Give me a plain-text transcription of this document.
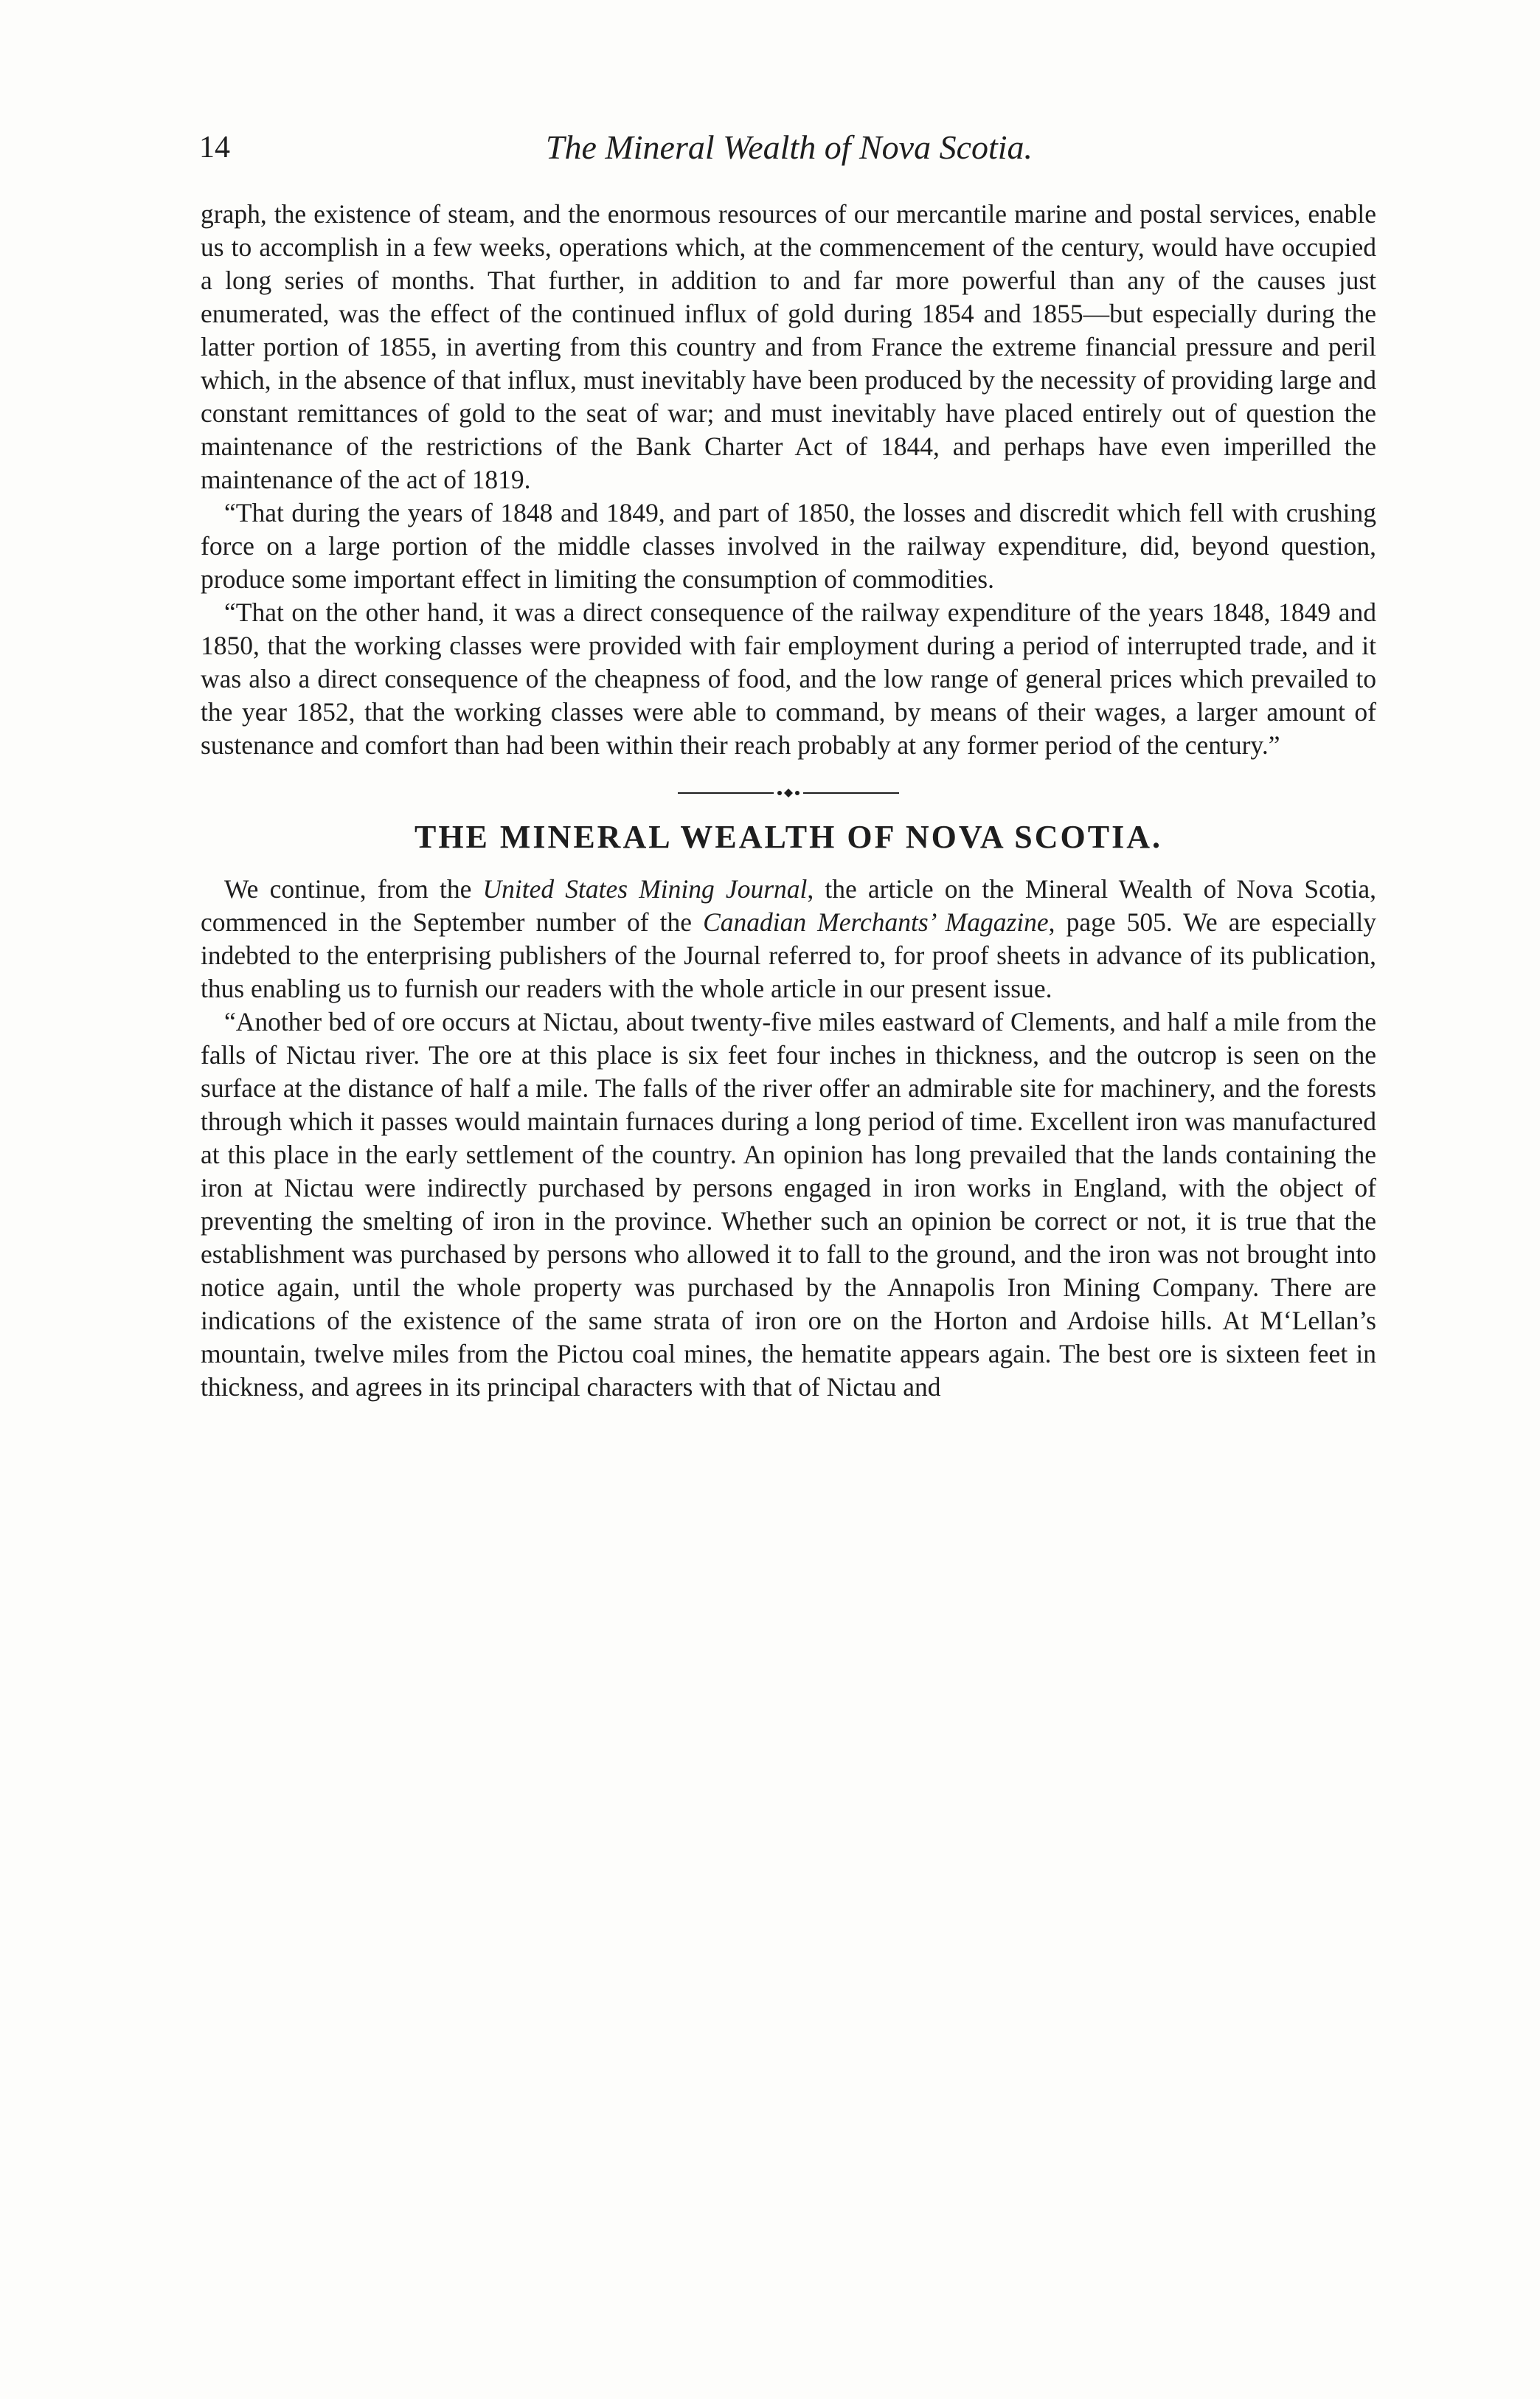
14	The Mineral Wealth of Nova Scotia.

graph, the existence of steam, and the enormous resources of our mercantile marine and postal services, enable us to accomplish in a few weeks, operations which, at the commencement of the century, would have occupied a long series of months. That further, in addition to and far more powerful than any of the causes just enumerated, was the effect of the continued influx of gold during 1854 and 1855—but especially during the latter portion of 1855, in averting from this country and from France the extreme financial pressure and peril which, in the absence of that influx, must inevitably have been produced by the necessity of providing large and constant remittances of gold to the seat of war; and must inevitably have placed entirely out of question the maintenance of the restrictions of the Bank Charter Act of 1844, and perhaps have even imperilled the maintenance of the act of 1819.

“That during the years of 1848 and 1849, and part of 1850, the losses and discredit which fell with crushing force on a large portion of the middle classes involved in the railway expenditure, did, beyond question, produce some important effect in limiting the consumption of commodities.

“That on the other hand, it was a direct consequence of the railway expenditure of the years 1848, 1849 and 1850, that the working classes were provided with fair employment during a period of interrupted trade, and it was also a direct consequence of the cheapness of food, and the low range of general prices which prevailed to the year 1852, that the working classes were able to command, by means of their wages, a larger amount of sustenance and comfort than had been within their reach probably at any former period of the century.”

THE MINERAL WEALTH OF NOVA SCOTIA.

We continue, from the United States Mining Journal, the article on the Mineral Wealth of Nova Scotia, commenced in the September number of the Canadian Merchants’ Magazine, page 505. We are especially indebted to the enterprising publishers of the Journal referred to, for proof sheets in advance of its publication, thus enabling us to furnish our readers with the whole article in our present issue.

“Another bed of ore occurs at Nictau, about twenty-five miles eastward of Clements, and half a mile from the falls of Nictau river. The ore at this place is six feet four inches in thickness, and the outcrop is seen on the surface at the distance of half a mile. The falls of the river offer an admirable site for machinery, and the forests through which it passes would maintain furnaces during a long period of time. Excellent iron was manufactured at this place in the early settlement of the country. An opinion has long prevailed that the lands containing the iron at Nictau were indirectly purchased by persons engaged in iron works in England, with the object of preventing the smelting of iron in the province. Whether such an opinion be correct or not, it is true that the establishment was purchased by persons who allowed it to fall to the ground, and the iron was not brought into notice again, until the whole property was purchased by the Annapolis Iron Mining Company. There are indications of the existence of the same strata of iron ore on the Horton and Ardoise hills. At M‘Lellan’s mountain, twelve miles from the Pictou coal mines, the hematite appears again. The best ore is sixteen feet in thickness, and agrees in its principal characters with that of Nictau and
